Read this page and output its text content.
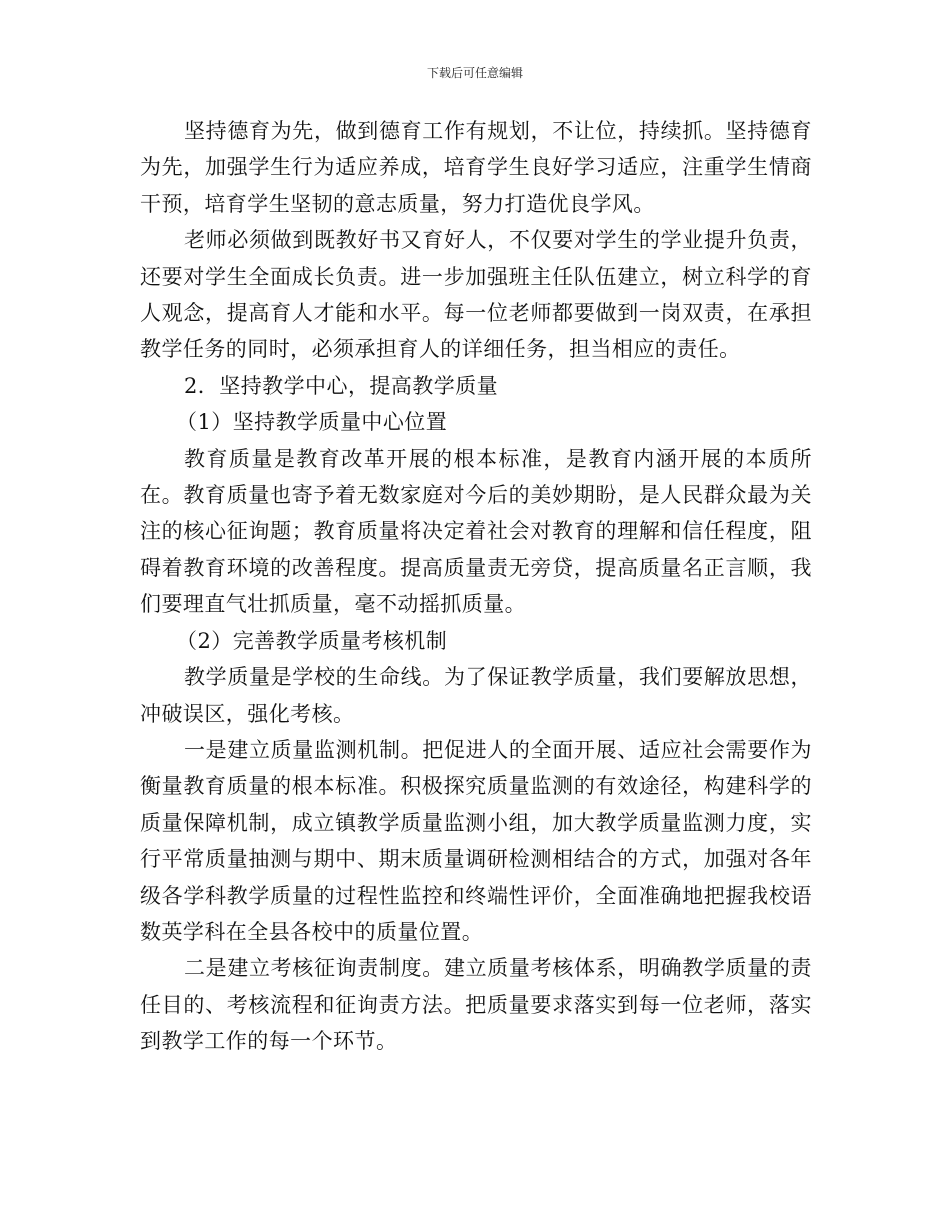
下载后可任意编辑

坚持德育为先，做到德育工作有规划，不让位，持续抓。坚持德育为先，加强学生行为适应养成，培育学生良好学习适应，注重学生情商干预，培育学生坚韧的意志质量，努力打造优良学风。

老师必须做到既教好书又育好人，不仅要对学生的学业提升负责，还要对学生全面成长负责。进一步加强班主任队伍建立，树立科学的育人观念，提高育人才能和水平。每一位老师都要做到一岗双责，在承担教学任务的同时，必须承担育人的详细任务，担当相应的责任。

2．坚持教学中心，提高教学质量

（1）坚持教学质量中心位置

教育质量是教育改革开展的根本标准，是教育内涵开展的本质所在。教育质量也寄予着无数家庭对今后的美妙期盼，是人民群众最为关注的核心征询题；教育质量将决定着社会对教育的理解和信任程度，阻碍着教育环境的改善程度。提高质量责无旁贷，提高质量名正言顺，我们要理直气壮抓质量，毫不动摇抓质量。

（2）完善教学质量考核机制

教学质量是学校的生命线。为了保证教学质量，我们要解放思想，冲破误区，强化考核。

一是建立质量监测机制。把促进人的全面开展、适应社会需要作为衡量教育质量的根本标准。积极探究质量监测的有效途径，构建科学的质量保障机制，成立镇教学质量监测小组，加大教学质量监测力度，实行平常质量抽测与期中、期末质量调研检测相结合的方式，加强对各年级各学科教学质量的过程性监控和终端性评价，全面准确地把握我校语数英学科在全县各校中的质量位置。

二是建立考核征询责制度。建立质量考核体系，明确教学质量的责任目的、考核流程和征询责方法。把质量要求落实到每一位老师，落实到教学工作的每一个环节。
